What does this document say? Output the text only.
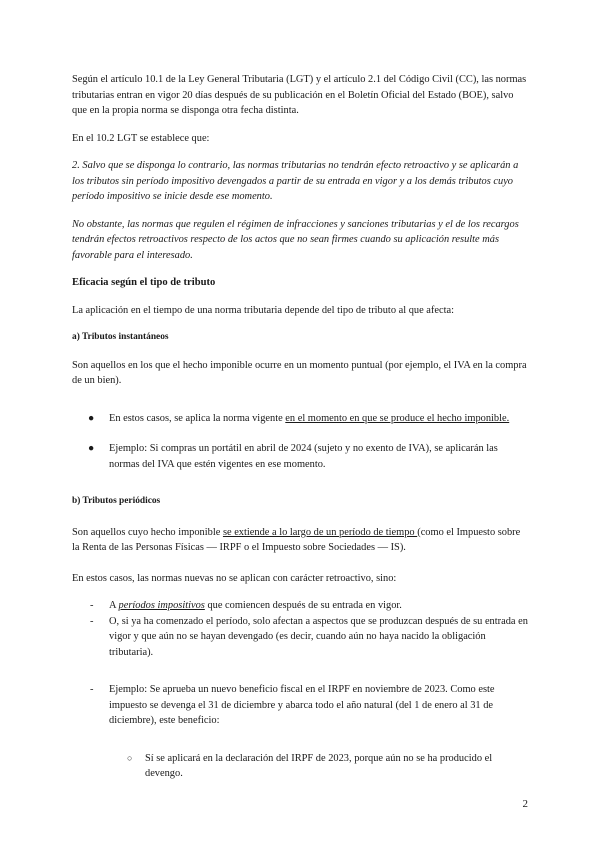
Según el artículo 10.1 de la Ley General Tributaria (LGT) y el artículo 2.1 del Código Civil (CC), las normas tributarias entran en vigor 20 días después de su publicación en el Boletín Oficial del Estado (BOE), salvo que en la propia norma se disponga otra fecha distinta.

En el 10.2 LGT se establece que:

2. Salvo que se disponga lo contrario, las normas tributarias no tendrán efecto retroactivo y se aplicarán a los tributos sin período impositivo devengados a partir de su entrada en vigor y a los demás tributos cuyo período impositivo se inicie desde ese momento.

No obstante, las normas que regulen el régimen de infracciones y sanciones tributarias y el de los recargos tendrán efectos retroactivos respecto de los actos que no sean firmes cuando su aplicación resulte más favorable para el interesado.

Eficacia según el tipo de tributo

La aplicación en el tiempo de una norma tributaria depende del tipo de tributo al que afecta:

a) Tributos instantáneos

Son aquellos en los que el hecho imponible ocurre en un momento puntual (por ejemplo, el IVA en la compra de un bien).

● En estos casos, se aplica la norma vigente en el momento en que se produce el hecho imponible.
● Ejemplo: Si compras un portátil en abril de 2024 (sujeto y no exento de IVA), se aplicarán las normas del IVA que estén vigentes en ese momento.

b) Tributos periódicos

Son aquellos cuyo hecho imponible se extiende a lo largo de un período de tiempo (como el Impuesto sobre la Renta de las Personas Físicas — IRPF o el Impuesto sobre Sociedades — IS).

En estos casos, las normas nuevas no se aplican con carácter retroactivo, sino:

- A períodos impositivos que comiencen después de su entrada en vigor.
- O, si ya ha comenzado el período, solo afectan a aspectos que se produzcan después de su entrada en vigor y que aún no se hayan devengado (es decir, cuando aún no haya nacido la obligación tributaria).
- Ejemplo: Se aprueba un nuevo beneficio fiscal en el IRPF en noviembre de 2023. Como este impuesto se devenga el 31 de diciembre y abarca todo el año natural (del 1 de enero al 31 de diciembre), este beneficio:
○ Sí se aplicará en la declaración del IRPF de 2023, porque aún no se ha producido el devengo.
2
